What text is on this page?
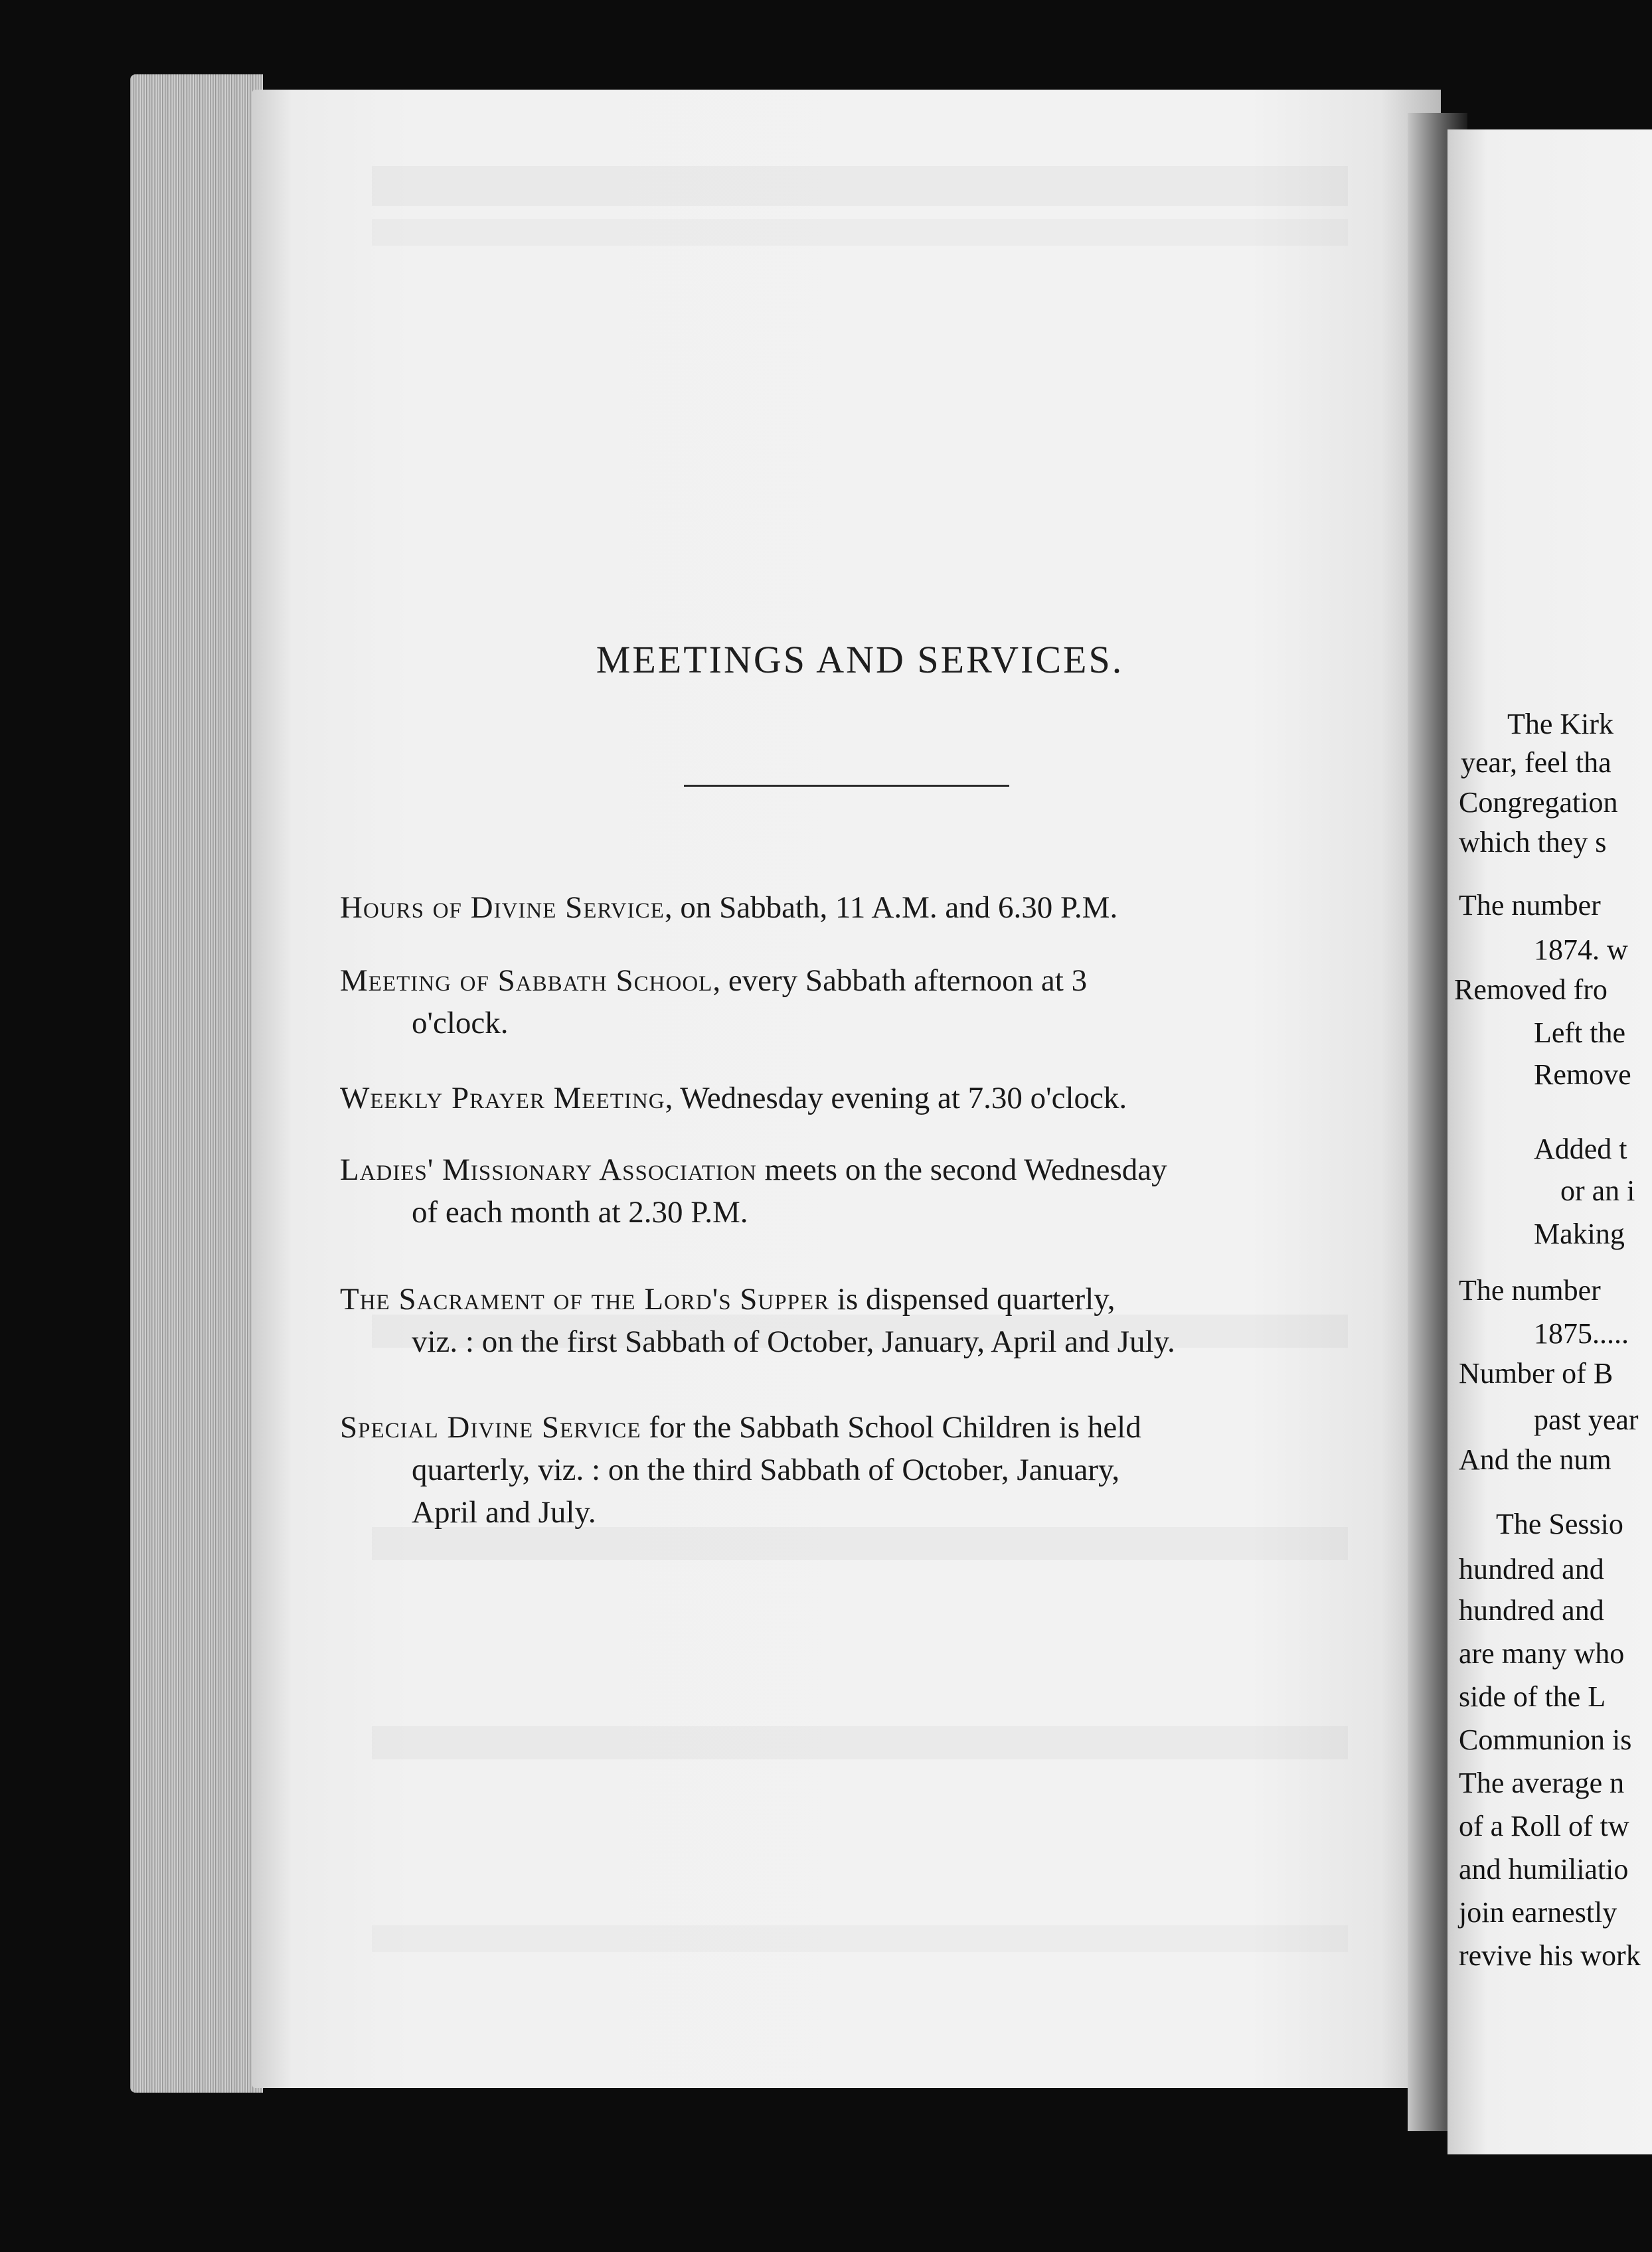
MEETINGS AND SERVICES.
Hours of Divine Service, on Sabbath, 11 A.M. and 6.30 P.M.
Meeting of Sabbath School, every Sabbath afternoon at 3
o'clock.
Weekly Prayer Meeting, Wednesday evening at 7.30 o'clock.
Ladies' Missionary Association meets on the second Wednesday
of each month at 2.30 P.M.
The Sacrament of the Lord's Supper is dispensed quarterly,
viz. : on the first Sabbath of October, January, April and July.
Special Divine Service for the Sabbath School Children is held
quarterly, viz. : on the third Sabbath of October, January,
April and July.
The Kirk
year, feel tha
Congregation
which they s
The number
1874. w
Removed fro
Left the
Remove
Added t
or an i
Making
The number
1875.....
Number of B
past year
And the num
The Sessio
hundred and
hundred and
are many who
side of the L
Communion is
The average n
of a Roll of tw
and humiliatio
join earnestly
revive his work
